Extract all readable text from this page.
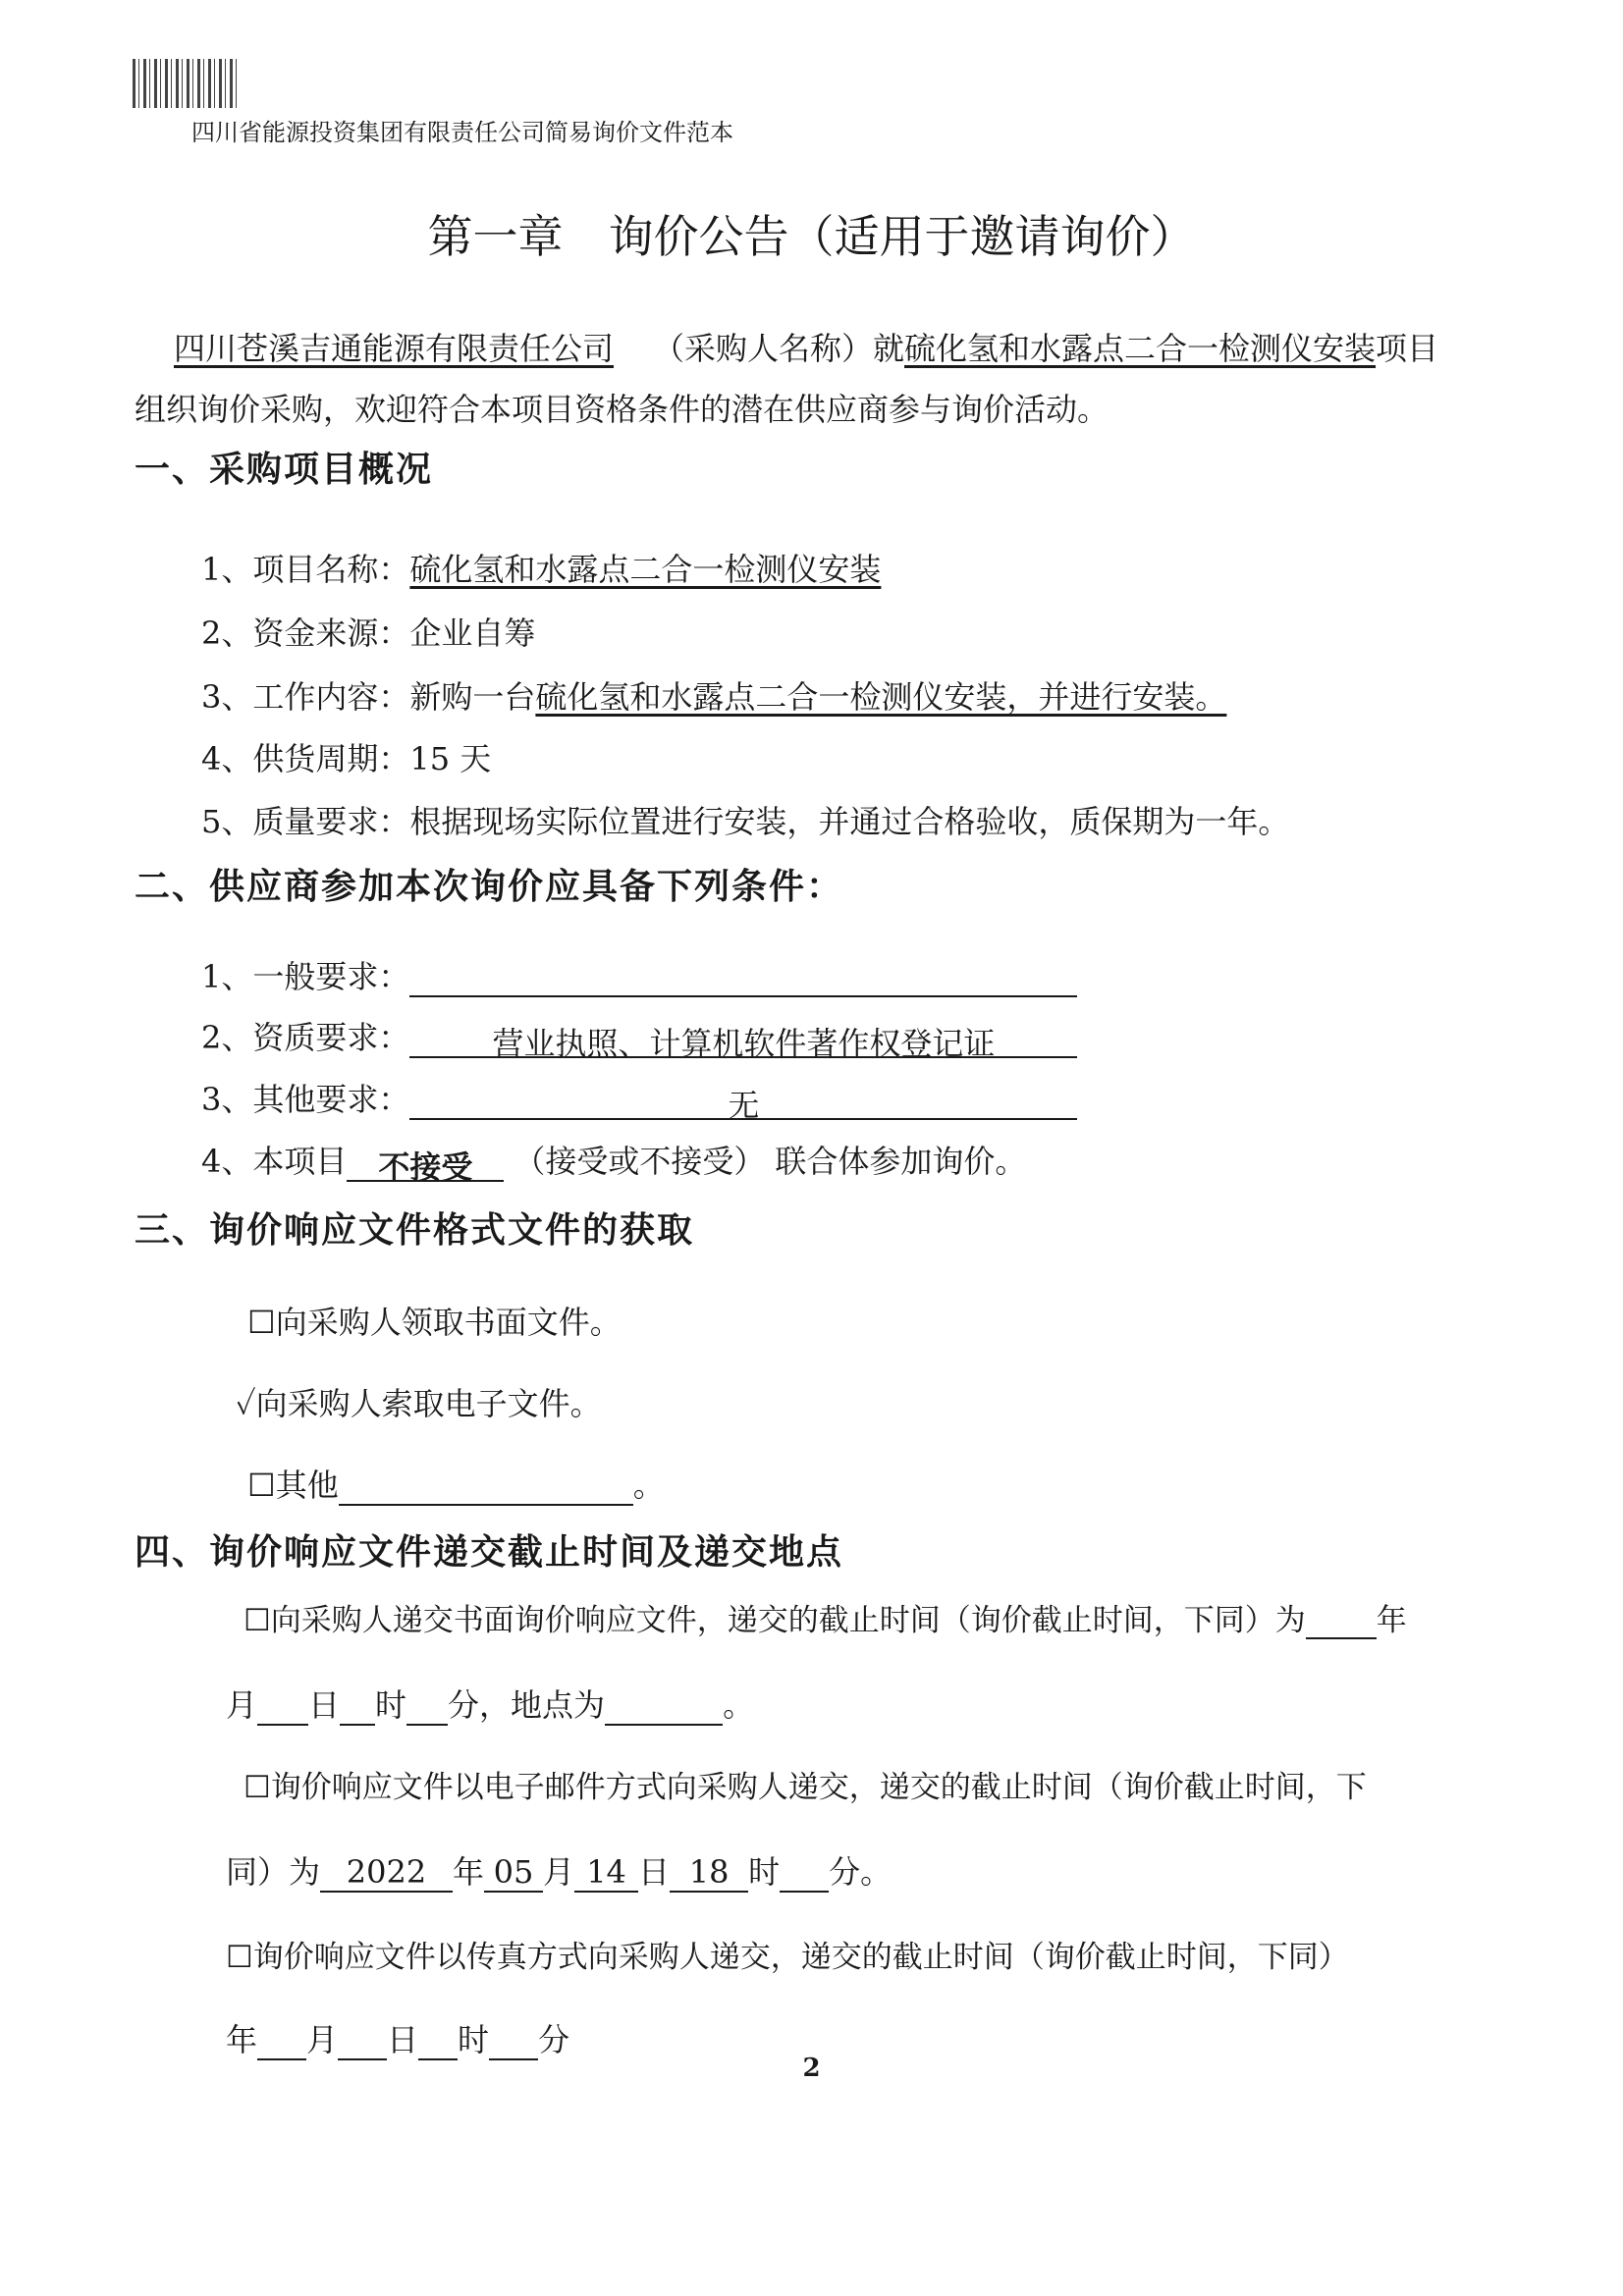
四川省能源投资集团有限责任公司简易询价文件范本
第一章　询价公告（适用于邀请询价）
四川苍溪吉通能源有限责任公司 （采购人名称）就硫化氢和水露点二合一检测仪安装项目
组织询价采购，欢迎符合本项目资格条件的潜在供应商参与询价活动。
一、采购项目概况
1、项目名称：硫化氢和水露点二合一检测仪安装
2、资金来源：企业自筹
3、工作内容：新购一台硫化氢和水露点二合一检测仪安装，并进行安装。
4、供货周期：15 天
5、质量要求：根据现场实际位置进行安装，并通过合格验收，质保期为一年。
二、供应商参加本次询价应具备下列条件：
1、一般要求：
2、资质要求：	营业执照、计算机软件著作权登记证
3、其他要求：	无
4、本项目 不接受 （接受或不接受） 联合体参加询价。
三、询价响应文件格式文件的获取
☐向采购人领取书面文件。
✓向采购人索取电子文件。
☐其他	。
四、询价响应文件递交截止时间及递交地点
☐向采购人递交书面询价响应文件，递交的截止时间（询价截止时间，下同）为 年
月 日 时 分，地点为	。
☐询价响应文件以电子邮件方式向采购人递交，递交的截止时间（询价截止时间，下
同）为 2022 年 05 月 14 日 18 时 分。
☐询价响应文件以传真方式向采购人递交，递交的截止时间（询价截止时间，下同）
年 月 日 时 分
2
